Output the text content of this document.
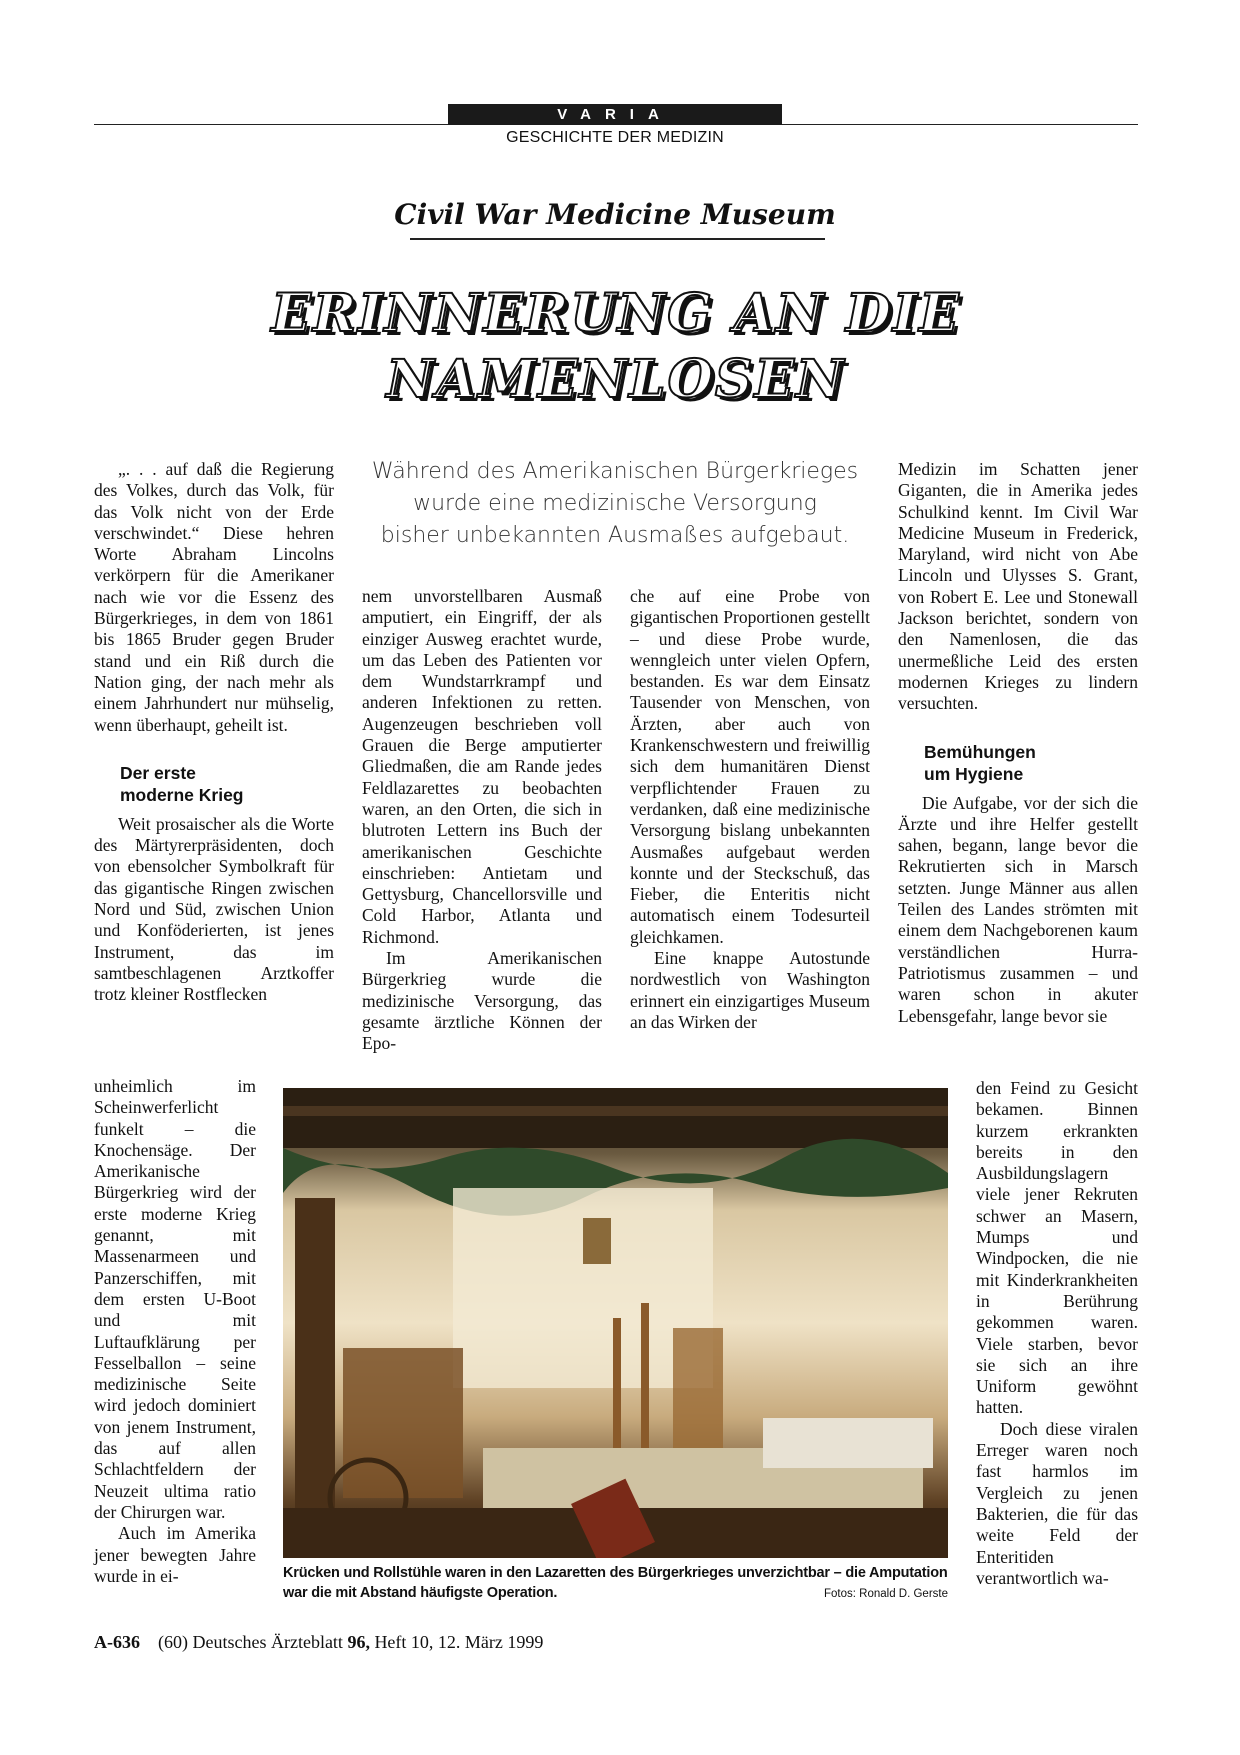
VARIA
GESCHICHTE DER MEDIZIN
Civil War Medicine Museum
ERINNERUNG AN DIE
NAMENLOSEN
Während des Amerikanischen Bürgerkrieges
wurde eine medizinische Versorgung
bisher unbekannten Ausmaßes aufgebaut.

„. . . auf daß die Regierung des Volkes, durch das Volk, für das Volk nicht von der Erde verschwindet.“ Diese hehren Worte Abraham Lincolns verkörpern für die Amerikaner nach wie vor die Essenz des Bürgerkrieges, in dem von 1861 bis 1865 Bruder gegen Bruder stand und ein Riß durch die Nation ging, der nach mehr als einem Jahrhundert nur mühselig, wenn überhaupt, geheilt ist.

Der erste
moderne Krieg

Weit prosaischer als die Worte des Märtyrerpräsidenten, doch von ebensolcher Symbolkraft für das gigantische Ringen zwischen Nord und Süd, zwischen Union und Konföderierten, ist jenes Instrument, das im samtbeschlagenen Arztkoffer trotz kleiner Rostflecken

unheimlich im Scheinwerferlicht funkelt – die Knochensäge. Der Amerikanische Bürgerkrieg wird der erste moderne Krieg genannt, mit Massenarmeen und Panzerschiffen, mit dem ersten U-Boot und mit Luftaufklärung per Fesselballon – seine medizinische Seite wird jedoch dominiert von jenem Instrument, das auf allen Schlachtfeldern der Neuzeit ultima ratio der Chirurgen war.

Auch im Amerika jener bewegten Jahre wurde in ei-

nem unvorstellbaren Ausmaß amputiert, ein Eingriff, der als einziger Ausweg erachtet wurde, um das Leben des Patienten vor dem Wundstarrkrampf und anderen Infektionen zu retten. Augenzeugen beschrieben voll Grauen die Berge amputierter Gliedmaßen, die am Rande jedes Feldlazarettes zu beobachten waren, an den Orten, die sich in blutroten Lettern ins Buch der amerikanischen Geschichte einschrieben: Antietam und Gettysburg, Chancellorsville und Cold Harbor, Atlanta und Richmond.

Im Amerikanischen Bürgerkrieg wurde die medizinische Versorgung, das gesamte ärztliche Können der Epo-

che auf eine Probe von gigantischen Proportionen gestellt – und diese Probe wurde, wenngleich unter vielen Opfern, bestanden. Es war dem Einsatz Tausender von Menschen, von Ärzten, aber auch von Krankenschwestern und freiwillig sich dem humanitären Dienst verpflichtender Frauen zu verdanken, daß eine medizinische Versorgung bislang unbekannten Ausmaßes aufgebaut werden konnte und der Steckschuß, das Fieber, die Enteritis nicht automatisch einem Todesurteil gleichkamen.

Eine knappe Autostunde nordwestlich von Washington erinnert ein einzigartiges Museum an das Wirken der

Medizin im Schatten jener Giganten, die in Amerika jedes Schulkind kennt. Im Civil War Medicine Museum in Frederick, Maryland, wird nicht von Abe Lincoln und Ulysses S. Grant, von Robert E. Lee und Stonewall Jackson berichtet, sondern von den Namenlosen, die das unermeßliche Leid des ersten modernen Krieges zu lindern versuchten.

Bemühungen
um Hygiene

Die Aufgabe, vor der sich die Ärzte und ihre Helfer gestellt sahen, begann, lange bevor die Rekrutierten sich in Marsch setzten. Junge Männer aus allen Teilen des Landes strömten mit einem dem Nachgeborenen kaum verständlichen Hurra-Patriotismus zusammen – und waren schon in akuter Lebensgefahr, lange bevor sie

den Feind zu Gesicht bekamen. Binnen kurzem erkrankten bereits in den Ausbildungslagern viele jener Rekruten schwer an Masern, Mumps und Windpocken, die nie mit Kinderkrankheiten in Berührung gekommen waren. Viele starben, bevor sie sich an ihre Uniform gewöhnt hatten.

Doch diese viralen Erreger waren noch fast harmlos im Vergleich zu jenen Bakterien, die für das weite Feld der Enteritiden verantwortlich wa-

Krücken und Rollstühle waren in den Lazaretten des Bürgerkrieges unverzichtbar – die Amputation war die mit Abstand häufigste Operation.	Fotos: Ronald D. Gerste
A-636 (60) Deutsches Ärzteblatt 96, Heft 10, 12. März 1999
